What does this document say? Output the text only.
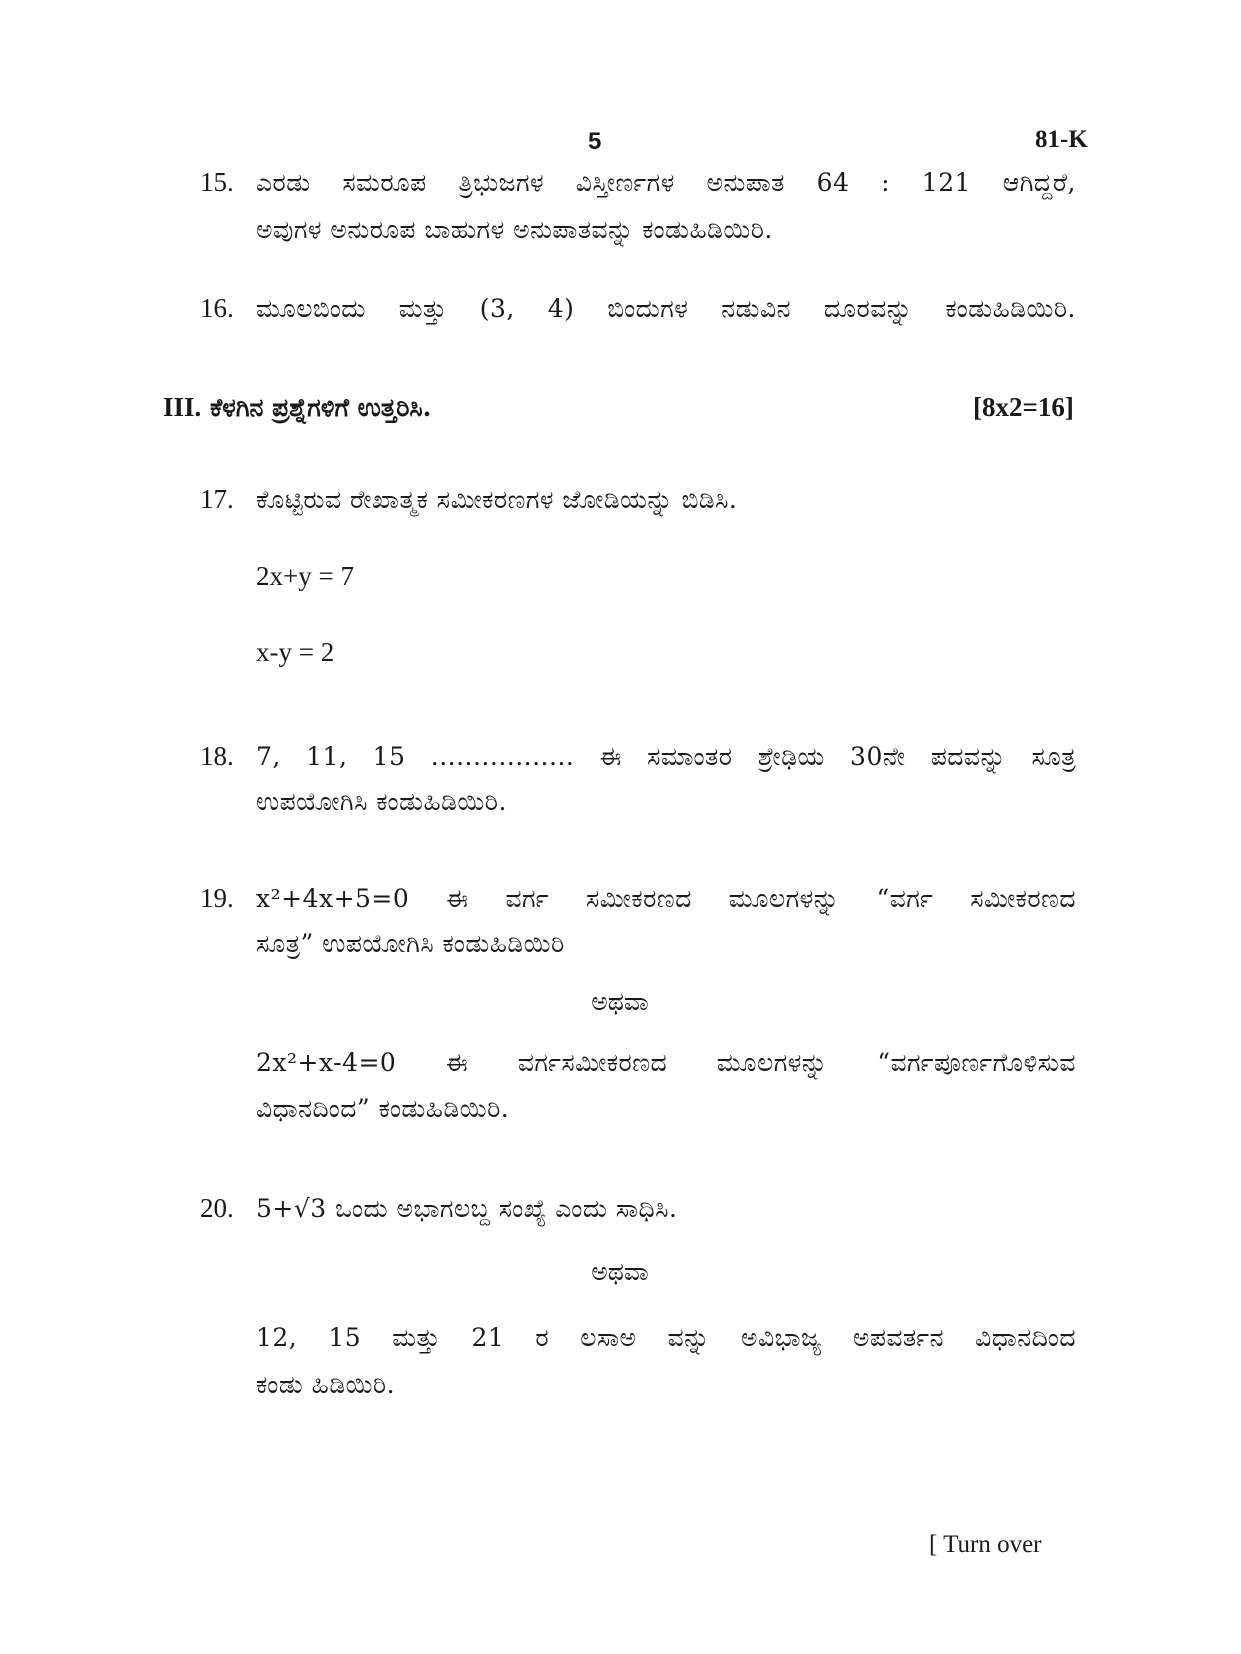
5	81-K
15. ಎರಡು ಸಮರೂಪ ತ್ರಿಭುಜಗಳ ವಿಸ್ತೀರ್ಣಗಳ ಅನುಪಾತ 64 : 121 ಆಗಿದ್ದರೆ,
ಅವುಗಳ ಅನುರೂಪ ಬಾಹುಗಳ ಅನುಪಾತವನ್ನು ಕಂಡುಹಿಡಿಯಿರಿ.
16. ಮೂಲಬಿಂದು ಮತ್ತು (3, 4) ಬಿಂದುಗಳ ನಡುವಿನ ದೂರವನ್ನು ಕಂಡುಹಿಡಿಯಿರಿ.
III. ಕೆಳಗಿನ ಪ್ರಶ್ನೆಗಳಿಗೆ ಉತ್ತರಿಸಿ.	[8x2=16]
17. ಕೊಟ್ಟಿರುವ ರೇಖಾತ್ಮಕ ಸಮೀಕರಣಗಳ ಜೋಡಿಯನ್ನು ಬಿಡಿಸಿ.
2x+y = 7
x-y = 2
18. 7, 11, 15 ................. ಈ ಸಮಾಂತರ ಶ್ರೇಢಿಯ 30ನೇ ಪದವನ್ನು ಸೂತ್ರ
ಉಪಯೋಗಿಸಿ ಕಂಡುಹಿಡಿಯಿರಿ.
19. x²+4x+5=0 ಈ ವರ್ಗ ಸಮೀಕರಣದ ಮೂಲಗಳನ್ನು “ವರ್ಗ ಸಮೀಕರಣದ
ಸೂತ್ರ” ಉಪಯೋಗಿಸಿ ಕಂಡುಹಿಡಿಯಿರಿ
ಅಥವಾ
2x²+x-4=0 ಈ ವರ್ಗಸಮೀಕರಣದ ಮೂಲಗಳನ್ನು “ವರ್ಗಪೂರ್ಣಗೊಳಿಸುವ
ವಿಧಾನದಿಂದ” ಕಂಡುಹಿಡಿಯಿರಿ.
20. 5+√3 ಒಂದು ಅಭಾಗಲಬ್ದ ಸಂಖ್ಯೆ ಎಂದು ಸಾಧಿಸಿ.
ಅಥವಾ
12, 15 ಮತ್ತು 21 ರ ಲಸಾಅ ವನ್ನು ಅವಿಭಾಜ್ಯ ಅಪವರ್ತನ ವಿಧಾನದಿಂದ
ಕಂಡು ಹಿಡಿಯಿರಿ.
[ Turn over
